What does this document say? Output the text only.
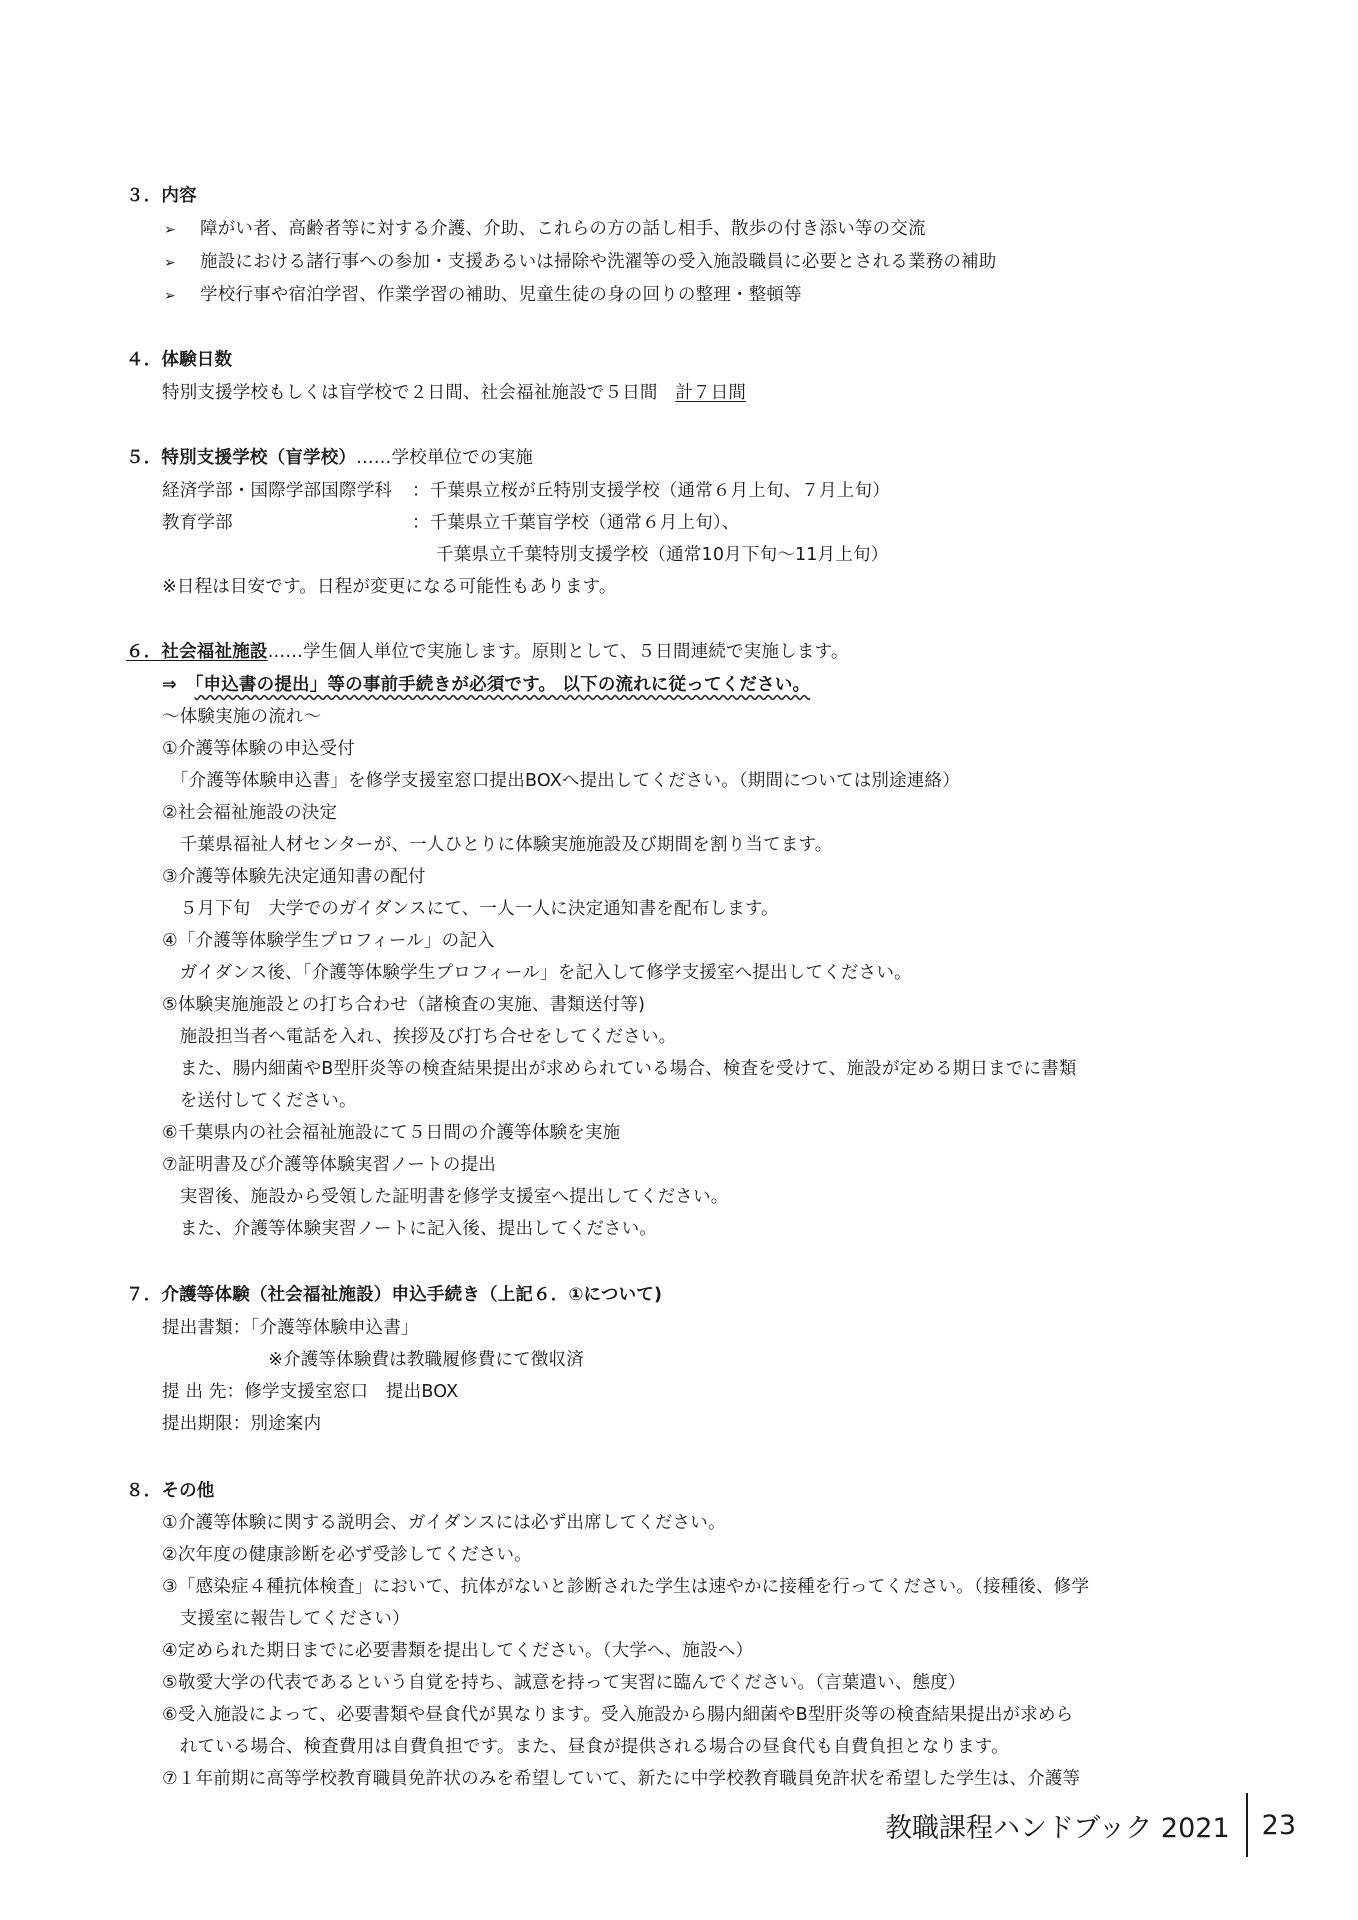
３．内容
➢ 障がい者、高齢者等に対する介護、介助、これらの方の話し相手、散歩の付き添い等の交流
➢ 施設における諸行事への参加・支援あるいは掃除や洗濯等の受入施設職員に必要とされる業務の補助
➢ 学校行事や宿泊学習、作業学習の補助、児童生徒の身の回りの整理・整頓等
４．体験日数
特別支援学校もしくは盲学校で２日間、社会福祉施設で５日間　計７日間
５．特別支援学校（盲学校）……学校単位での実施
経済学部・国際学部国際学科 ：千葉県立桜が丘特別支援学校（通常６月上旬、７月上旬）
教育学部	：千葉県立千葉盲学校（通常６月上旬）、
千葉県立千葉特別支援学校（通常10月下旬〜11月上旬）
※日程は目安です。日程が変更になる可能性もあります。
６．社会福祉施設……学生個人単位で実施します。原則として、５日間連続で実施します。
⇒　「申込書の提出」等の事前手続きが必須です。 以下の流れに従ってください。
〜体験実施の流れ〜
①介護等体験の申込受付
　「介護等体験申込書」を修学支援室窓口提出BOXへ提出してください。（期間については別途連絡）
②社会福祉施設の決定
　千葉県福祉人材センターが、一人ひとりに体験実施施設及び期間を割り当てます。
③介護等体験先決定通知書の配付
　５月下旬　大学でのガイダンスにて、一人一人に決定通知書を配布します。
④「介護等体験学生プロフィール」の記入
　ガイダンス後、「介護等体験学生プロフィール」を記入して修学支援室へ提出してください。
⑤体験実施施設との打ち合わせ（諸検査の実施、書類送付等)
　施設担当者へ電話を入れ、挨拶及び打ち合せをしてください。
　また、腸内細菌やB型肝炎等の検査結果提出が求められている場合、検査を受けて、施設が定める期日までに書類
　を送付してください。
⑥千葉県内の社会福祉施設にて５日間の介護等体験を実施
⑦証明書及び介護等体験実習ノートの提出
　実習後、施設から受領した証明書を修学支援室へ提出してください。
　また、介護等体験実習ノートに記入後、提出してください。
７．介護等体験（社会福祉施設）申込手続き（上記６．①について)
提出書類：「介護等体験申込書」
　　　　　　※介護等体験費は教職履修費にて徴収済
提 出 先：修学支援室窓口　提出BOX
提出期限：別途案内
８．その他
①介護等体験に関する説明会、ガイダンスには必ず出席してください。
②次年度の健康診断を必ず受診してください。
③「感染症４種抗体検査」において、抗体がないと診断された学生は速やかに接種を行ってください。（接種後、修学
　支援室に報告してください）
④定められた期日までに必要書類を提出してください。（大学へ、施設へ）
⑤敬愛大学の代表であるという自覚を持ち、誠意を持って実習に臨んでください。（言葉遣い、態度）
⑥受入施設によって、必要書類や昼食代が異なります。受入施設から腸内細菌やB型肝炎等の検査結果提出が求めら
　れている場合、検査費用は自費負担です。また、昼食が提供される場合の昼食代も自費負担となります。
⑦１年前期に高等学校教育職員免許状のみを希望していて、新たに中学校教育職員免許状を希望した学生は、介護等
教職課程ハンドブック 2021 23
